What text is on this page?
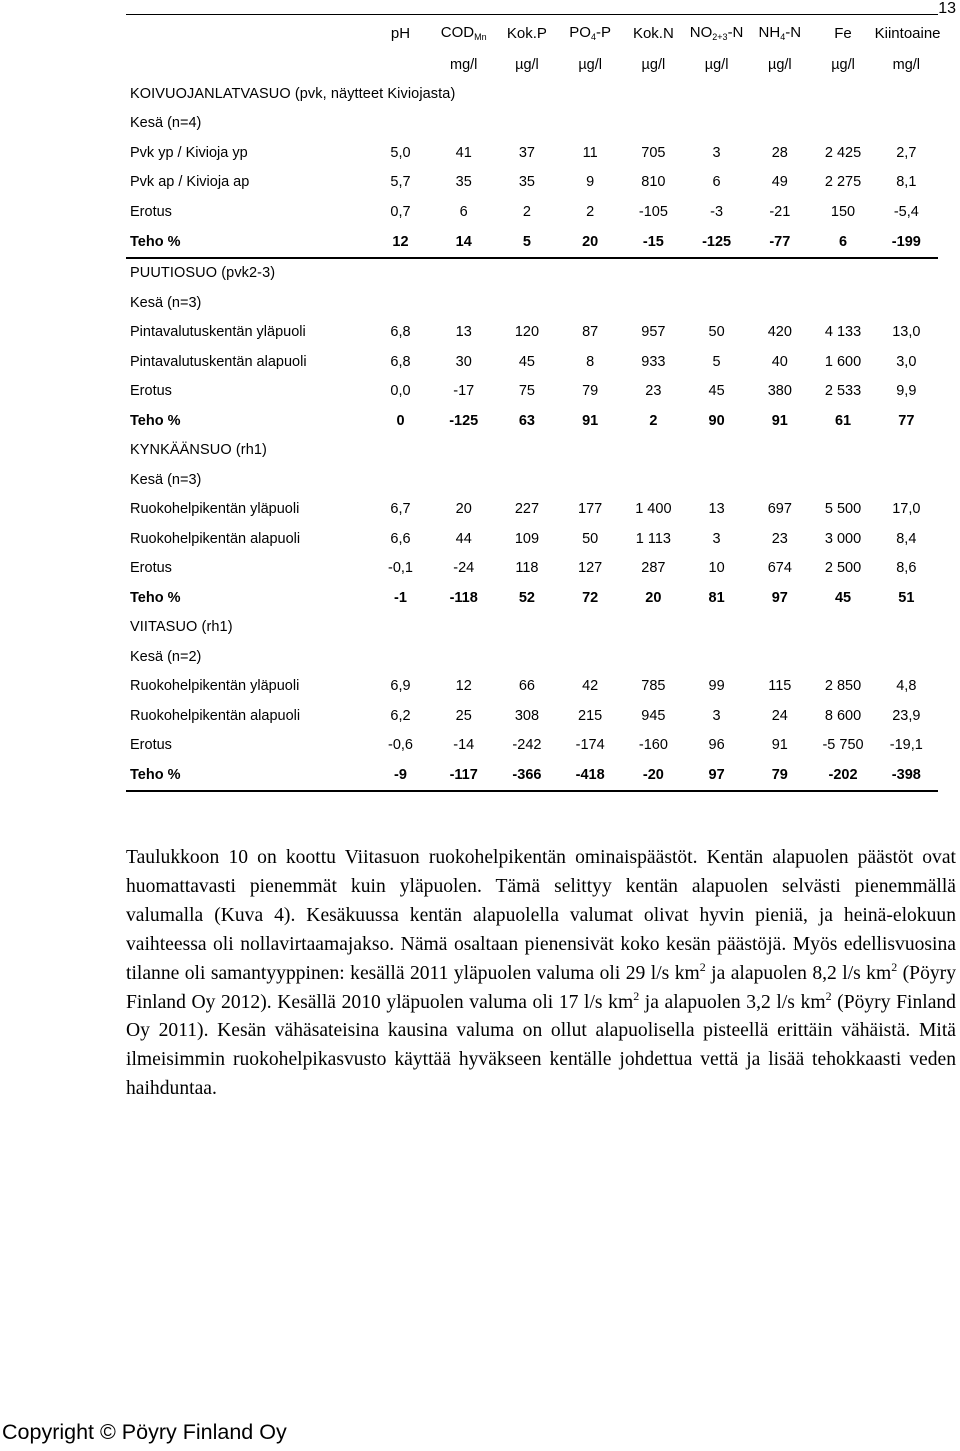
13
	pH	$COD_{Mn}$	Kok.P	$PO_4-P$	Kok.N	$NO_{2+3}-N$	$NH_4-N$	Fe	Kiintoaine
		mg/l	µg/l	µg/l	µg/l	µg/l	µg/l	µg/l	mg/l
KOIVUOJANLATVASUO (pvk, näytteet Kiviojasta)									
Kesä (n=4)									
Pvk yp / Kivioja yp	5,0	41	37	11	705	3	28	2 425	2,7
Pvk ap / Kivioja ap	5,7	35	35	9	810	6	49	2 275	8,1
Erotus	0,7	6	2	2	-105	-3	-21	150	-5,4
Teho %	12	14	5	20	-15	-125	-77	6	-199
PUUTIOSUO (pvk2-3)									
Kesä (n=3)									
Pintavalutuskentän yläpuoli	6,8	13	120	87	957	50	420	4 133	13,0
Pintavalutuskentän alapuoli	6,8	30	45	8	933	5	40	1 600	3,0
Erotus	0,0	-17	75	79	23	45	380	2 533	9,9
Teho %	0	-125	63	91	2	90	91	61	77
KYNKÄÄNSUO (rh1)									
Kesä (n=3)									
Ruokohelpikentän yläpuoli	6,7	20	227	177	1 400	13	697	5 500	17,0
Ruokohelpikentän alapuoli	6,6	44	109	50	1 113	3	23	3 000	8,4
Erotus	-0,1	-24	118	127	287	10	674	2 500	8,6
Teho %	-1	-118	52	72	20	81	97	45	51
VIITASUO (rh1)									
Kesä (n=2)									
Ruokohelpikentän yläpuoli	6,9	12	66	42	785	99	115	2 850	4,8
Ruokohelpikentän alapuoli	6,2	25	308	215	945	3	24	8 600	23,9
Erotus	-0,6	-14	-242	-174	-160	96	91	-5 750	-19,1
Teho %	-9	-117	-366	-418	-20	97	79	-202	-398

Taulukkoon 10 on koottu Viitasuon ruokohelpikentän ominaispäästöt. Kentän alapuolen päästöt ovat huomattavasti pienemmät kuin yläpuolen. Tämä selittyy kentän alapuolen selvästi pienemmällä valumalla (Kuva 4). Kesäkuussa kentän alapuolella valumat olivat hyvin pieniä, ja heinä-elokuun vaihteessa oli nollavirtaamajakso. Nämä osaltaan pienensivät koko kesän päästöjä. Myös edellisvuosina tilanne oli samantyyppinen: kesällä 2011 yläpuolen valuma oli 29 l/s $km^2$ ja alapuolen 8,2 l/s $km^2$ (Pöyry Finland Oy 2012). Kesällä 2010 yläpuolen valuma oli 17 l/s $km^2$ ja alapuolen 3,2 l/s $km^2$ (Pöyry Finland Oy 2011). Kesän vähäsateisina kausina valuma on ollut alapuolisella pisteellä erittäin vähäistä. Mitä ilmeisimmin ruokohelpikasvusto käyttää hyväkseen kentälle johdettua vettä ja lisää tehokkaasti veden haihduntaa.

Copyright © Pöyry Finland Oy
